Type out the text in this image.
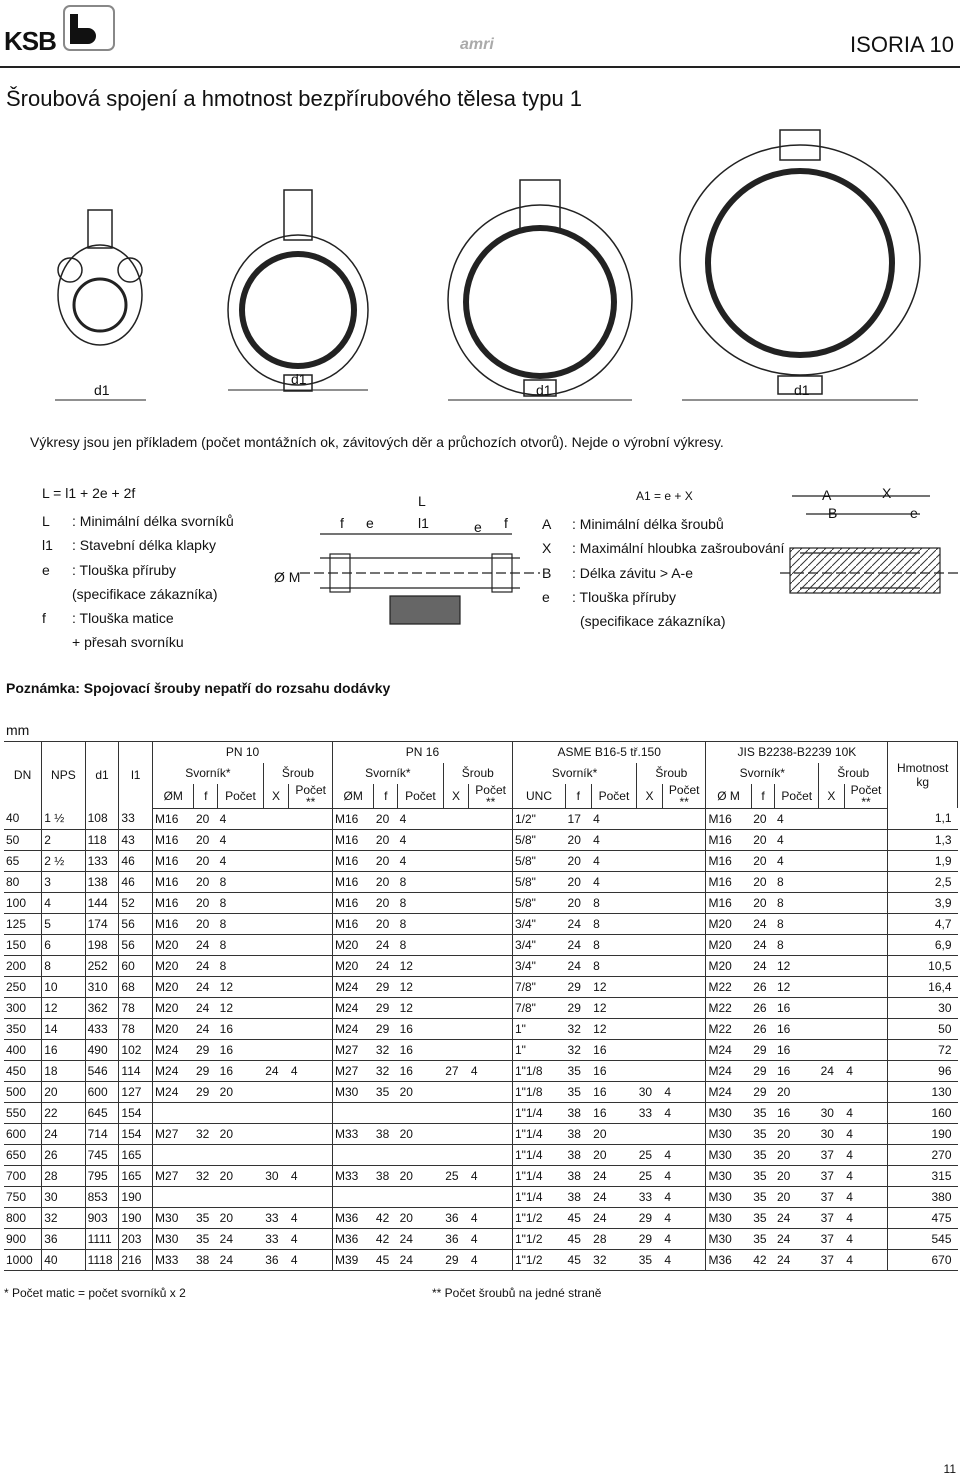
KSB	amri	ISORIA 10
Šroubová spojení a hmotnost bezpřírubového tělesa typu 1
d1
d1
d1	d1
Výkresy jsou jen příkladem (počet montážních ok, závitových děr a průchozích otvorů). Nejde o výrobní výkresy.
L = l1 + 2e + 2f
L	: Minimální délka svorníků
l1	: Stavební délka klapky
e	: Tlouška příruby
(specifikace zákazníka)
f	: Tlouška matice
+ přesah svorníku
L
f e	l1	e f
Ø M
A
B
X
e
A1 = e + X
A	: Minimální délka šroubů
X	: Maximální hloubka zašroubování
B	: Délka závitu > A-e
e	: Tlouška příruby
(specifikace zákazníka)
Poznámka: Spojovací šrouby nepatří do rozsahu dodávky
mm
DN	NPS	d1	l1	PN 10					PN 16					ASME B16-5 tř.150					JIS B2238-B2239 10K					Hmotnost
kg
				Svorník*			Šroub		Svorník*			Šroub		Svorník*			Šroub		Svorník*			Šroub		
				ØM	f	Počet	X	Počet **	ØM	f	Počet	X	Počet **	UNC	f	Počet	X	Počet **	Ø M	f	Počet	X	Počet **	
40	1 ½	108	33	M16	20	4			M16	20	4			1/2"	17	4			M16	20	4			1,1
50	2	118	43	M16	20	4			M16	20	4			5/8"	20	4			M16	20	4			1,3
65	2 ½	133	46	M16	20	4			M16	20	4			5/8"	20	4			M16	20	4			1,9
80	3	138	46	M16	20	8			M16	20	8			5/8"	20	4			M16	20	8			2,5
100	4	144	52	M16	20	8			M16	20	8			5/8"	20	8			M16	20	8			3,9
125	5	174	56	M16	20	8			M16	20	8			3/4"	24	8			M20	24	8			4,7
150	6	198	56	M20	24	8			M20	24	8			3/4"	24	8			M20	24	8			6,9
200	8	252	60	M20	24	8			M20	24	12			3/4"	24	8			M20	24	12			10,5
250	10	310	68	M20	24	12			M24	29	12			7/8"	29	12			M22	26	12			16,4
300	12	362	78	M20	24	12			M24	29	12			7/8"	29	12			M22	26	16			30
350	14	433	78	M20	24	16			M24	29	16			1"	32	12			M22	26	16			50
400	16	490	102	M24	29	16			M27	32	16			1"	32	16			M24	29	16			72
450	18	546	114	M24	29	16	24	4	M27	32	16	27	4	1"1/8	35	16			M24	29	16	24	4	96
500	20	600	127	M24	29	20			M30	35	20			1"1/8	35	16	30	4	M24	29	20			130
550	22	645	154											1"1/4	38	16	33	4	M30	35	16	30	4	160
600	24	714	154	M27	32	20			M33	38	20			1"1/4	38	20			M30	35	20	30	4	190
650	26	745	165											1"1/4	38	20	25	4	M30	35	20	37	4	270
700	28	795	165	M27	32	20	30	4	M33	38	20	25	4	1"1/4	38	24	25	4	M30	35	20	37	4	315
750	30	853	190											1"1/4	38	24	33	4	M30	35	20	37	4	380
800	32	903	190	M30	35	20	33	4	M36	42	20	36	4	1"1/2	45	24	29	4	M30	35	24	37	4	475
900	36	1111	203	M30	35	24	33	4	M36	42	24	36	4	1"1/2	45	28	29	4	M30	35	24	37	4	545
1000	40	1118	216	M33	38	24	36	4	M39	45	24	29	4	1"1/2	45	32	35	4	M36	42	24	37	4	670
* Počet matic = počet svorníků x 2	** Počet šroubů na jedné straně
11
